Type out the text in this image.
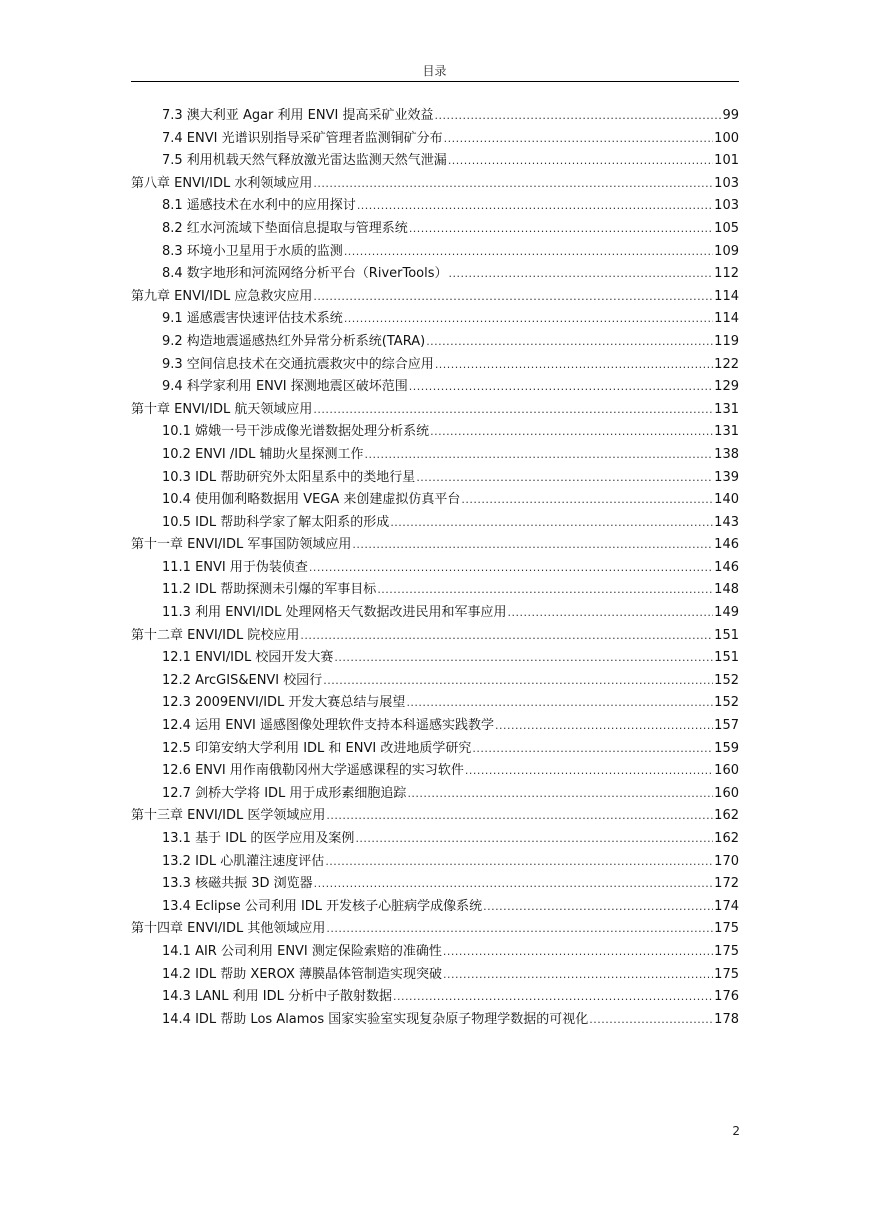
目录
7.3 澳大利亚 Agar 利用 ENVI 提高采矿业效益 .....	99
7.4 ENVI 光谱识别指导采矿管理者监测铜矿分布 .....	100
7.5 利用机载天然气释放激光雷达监测天然气泄漏 .....	101
第八章 ENVI/IDL 水利领域应用 .....	103
8.1 遥感技术在水利中的应用探讨 .....	103
8.2 红水河流域下垫面信息提取与管理系统 .....	105
8.3 环境小卫星用于水质的监测 .....	109
8.4 数字地形和河流网络分析平台（RiverTools） .....	112
第九章 ENVI/IDL 应急救灾应用 .....	114
9.1 遥感震害快速评估技术系统 .....	114
9.2 构造地震遥感热红外异常分析系统(TARA) .....	119
9.3 空间信息技术在交通抗震救灾中的综合应用 .....	122
9.4 科学家利用 ENVI 探测地震区破坏范围 .....	129
第十章 ENVI/IDL 航天领域应用 .....	131
10.1 嫦娥一号干涉成像光谱数据处理分析系统 .....	131
10.2 ENVI /IDL 辅助火星探测工作 .....	138
10.3 IDL 帮助研究外太阳星系中的类地行星 .....	139
10.4 使用伽利略数据用 VEGA 来创建虚拟仿真平台 .....	140
10.5 IDL 帮助科学家了解太阳系的形成 .....	143
第十一章 ENVI/IDL 军事国防领域应用 .....	146
11.1 ENVI 用于伪装侦查 .....	146
11.2 IDL 帮助探测未引爆的军事目标 .....	148
11.3 利用 ENVI/IDL 处理网格天气数据改进民用和军事应用 .....	149
第十二章 ENVI/IDL 院校应用 .....	151
12.1 ENVI/IDL 校园开发大赛 .....	151
12.2 ArcGIS&ENVI 校园行 .....	152
12.3 2009ENVI/IDL 开发大赛总结与展望 .....	152
12.4 运用 ENVI 遥感图像处理软件支持本科遥感实践教学 .....	157
12.5 印第安纳大学利用 IDL 和 ENVI 改进地质学研究 .....	159
12.6 ENVI 用作南俄勒冈州大学遥感课程的实习软件 .....	160
12.7 剑桥大学将 IDL 用于成形素细胞追踪 .....	160
第十三章 ENVI/IDL 医学领域应用 .....	162
13.1 基于 IDL 的医学应用及案例 .....	162
13.2 IDL 心肌灌注速度评估 .....	170
13.3 核磁共振 3D 浏览器 .....	172
13.4 Eclipse 公司利用 IDL 开发核子心脏病学成像系统 .....	174
第十四章 ENVI/IDL 其他领域应用 .....	175
14.1 AIR 公司利用 ENVI 测定保险索赔的准确性 .....	175
14.2 IDL 帮助 XEROX 薄膜晶体管制造实现突破 .....	175
14.3 LANL 利用 IDL 分析中子散射数据 .....	176
14.4 IDL 帮助 Los Alamos 国家实验室实现复杂原子物理学数据的可视化 .....	178
2
